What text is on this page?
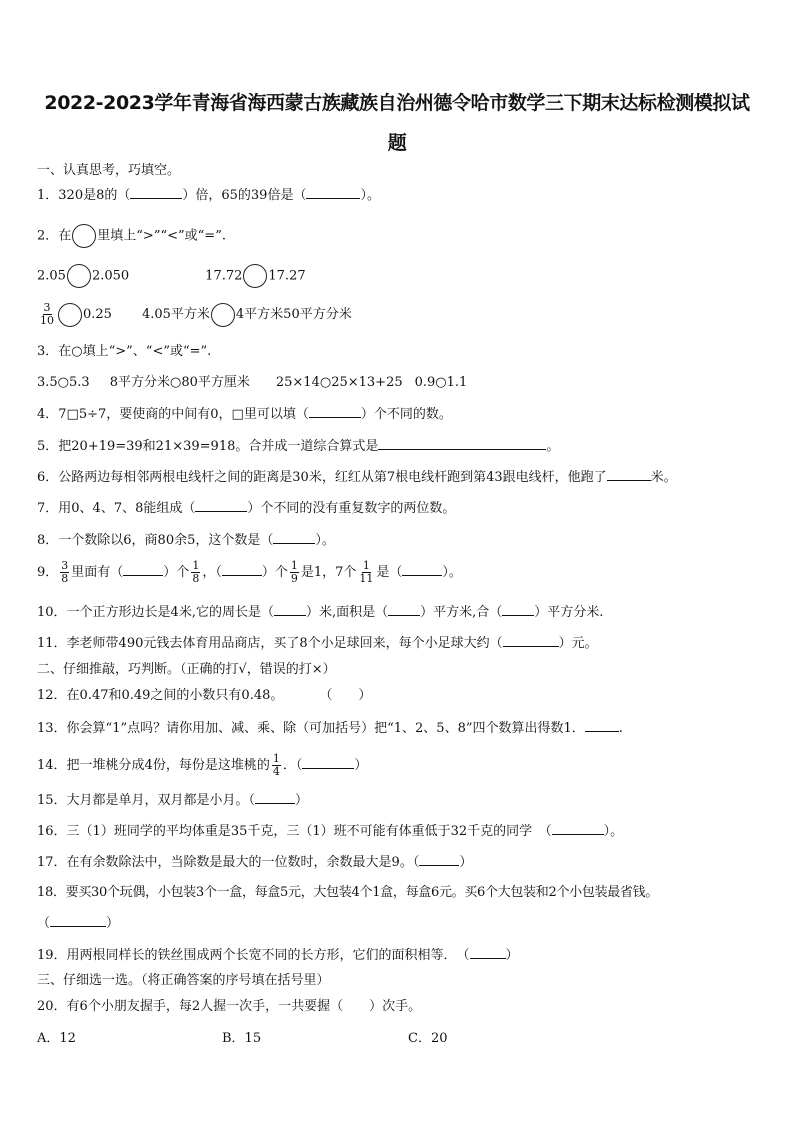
2022-2023学年青海省海西蒙古族藏族自治州德令哈市数学三下期末达标检测模拟试
题
一、认真思考，巧填空。
1．320是8的（	）倍，65的39倍是（	）。
2．在 里填上“>”“<”或“=”.
2.05 2.050	17.72 17.27
$\frac{3}{10} 0.25$ 4.05平方米 4平方米50平方分米
3．在○填上“>”、“<”或“=”.
3.5○5.3 8平方分米○80平方厘米 25×14○25×13+25 0.9○1.1
4．7□5÷7，要使商的中间有0，□里可以填（	）个不同的数。
5．把20+19=39和21×39=918。合并成一道综合算式是	。
6．公路两边每相邻两根电线杆之间的距离是30米，红红从第7根电线杆跑到第43跟电线杆，他跑了	米。
7．用0、4、7、8能组成（	）个不同的没有重复数字的两位数。
8．一个数除以6，商80余5，这个数是（	）。
9． $\frac{3}{8}$ 里面有（	）个 $\frac{1}{8}$ ，（	）个 $\frac{1}{9}$ 是1，7个 $\frac{1}{11}$ 是（	）。
10．一个正方形边长是4米,它的周长是（ ）米,面积是（ ）平方米,合（ ）平方分米.
11．李老师带490元钱去体育用品商店，买了8个小足球回来，每个小足球大约（	）元。
二、仔细推敲，巧判断。（正确的打√，错误的打×）
12．在0.47和0.49之间的小数只有0.48。	（　　）
13．你会算“1”点吗？请你用加、减、乘、除（可加括号）把“1、2、5、8”四个数算出得数1．	.
14．把一堆桃分成4份，每份是这堆桃的 $\frac{1}{4}$ ．（	）
15．大月都是单月，双月都是小月。（	）
16．三（1）班同学的平均体重是35千克，三（1）班不可能有体重低于32千克的同学　（	）。
17．在有余数除法中，当除数是最大的一位数时，余数最大是9。（	）
18．要买30个玩偶，小包装3个一盒，每盒5元，大包装4个1盒，每盒6元。买6个大包装和2个小包装最省钱。
（	）
19．用两根同样长的铁丝围成两个长宽不同的长方形，它们的面积相等．　（	）
三、仔细选一选。（将正确答案的序号填在括号里）
20．有6个小朋友握手，每2人握一次手，一共要握（　　）次手。
A．12	B．15	C．20
